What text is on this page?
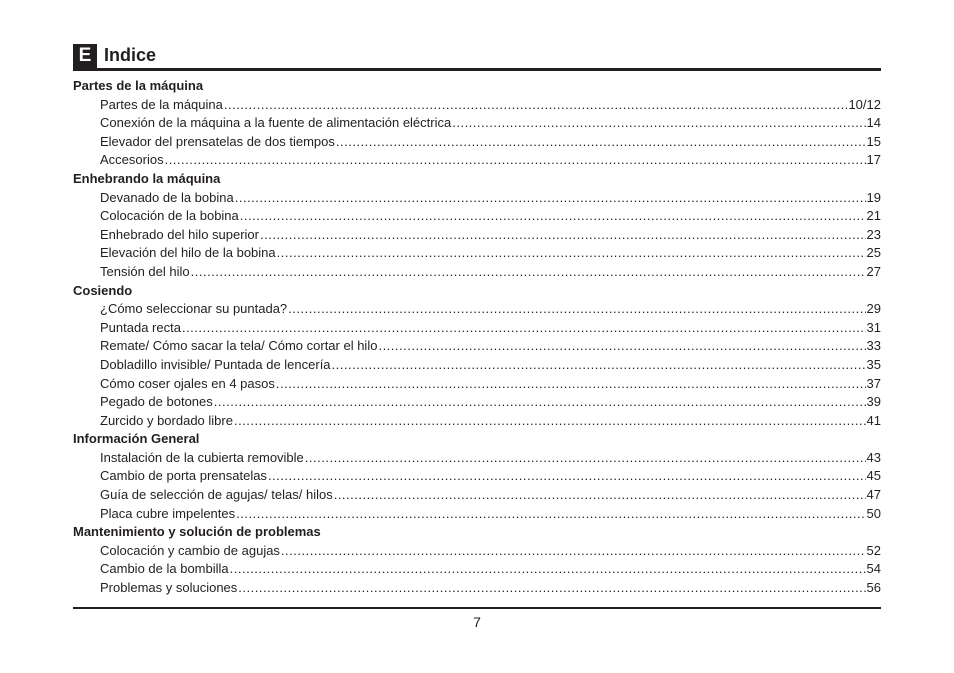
E Indice
Partes de la máquina
Partes de la máquina .....	10/12
Conexión de la máquina a la fuente de alimentación eléctrica .....	14
Elevador del prensatelas de dos tiempos .....	15
Accesorios .....	17
Enhebrando la máquina
Devanado de la bobina .....	19
Colocación de la bobina .....	21
Enhebrado del hilo superior .....	23
Elevación del hilo de la bobina .....	25
Tensión del hilo .....	27
Cosiendo
¿Cómo seleccionar su puntada? .....	29
Puntada recta .....	31
Remate/ Cómo sacar la tela/ Cómo cortar el hilo .....	33
Dobladillo invisible/ Puntada de lencería .....	35
Cómo coser ojales en 4 pasos .....	37
Pegado de botones .....	39
Zurcido y bordado libre .....	41
Información General
Instalación de la cubierta removible .....	43
Cambio de porta prensatelas .....	45
Guía de selección de agujas/ telas/ hilos .....	47
Placa cubre impelentes .....	50
Mantenimiento y solución de problemas
Colocación y cambio de agujas .....	52
Cambio de la bombilla .....	54
Problemas y soluciones .....	56
7
